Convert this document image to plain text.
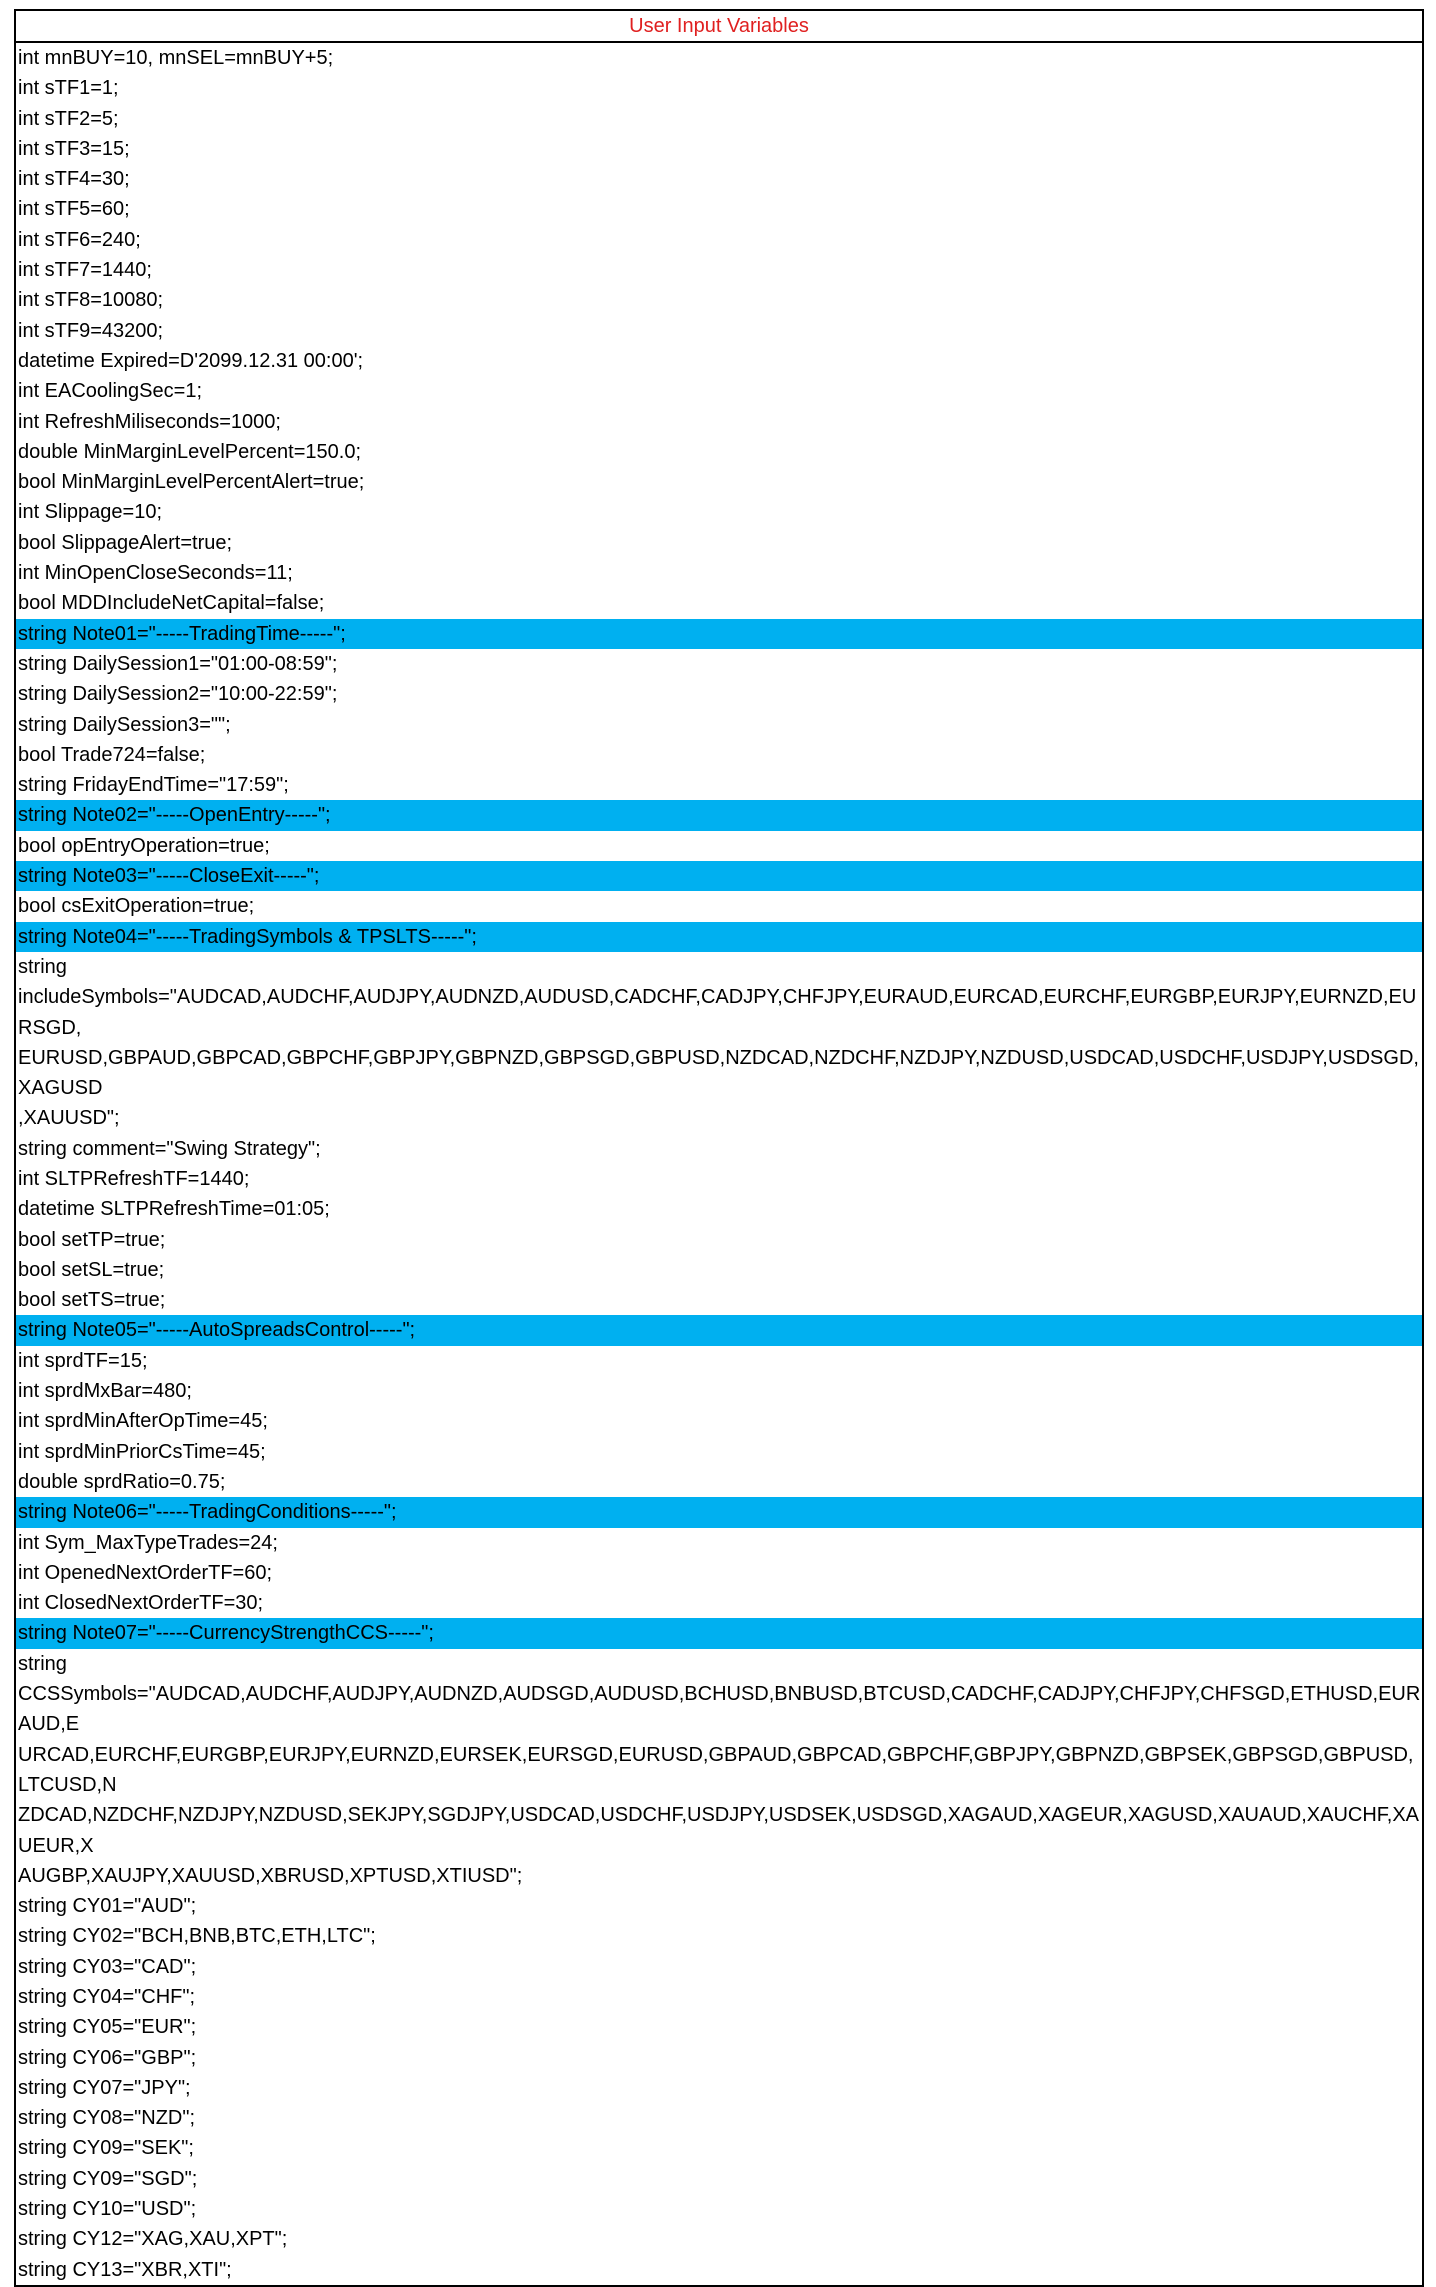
User Input Variables
int mnBUY=10, mnSEL=mnBUY+5;
int sTF1=1;
int sTF2=5;
int sTF3=15;
int sTF4=30;
int sTF5=60;
int sTF6=240;
int sTF7=1440;
int sTF8=10080;
int sTF9=43200;
datetime Expired=D'2099.12.31 00:00';
int EACoolingSec=1;
int RefreshMiliseconds=1000;
double MinMarginLevelPercent=150.0;
bool MinMarginLevelPercentAlert=true;
int Slippage=10;
bool SlippageAlert=true;
int MinOpenCloseSeconds=11;
bool MDDIncludeNetCapital=false;
string Note01="-----TradingTime-----";
string DailySession1="01:00-08:59";
string DailySession2="10:00-22:59";
string DailySession3="";
bool Trade724=false;
string FridayEndTime="17:59";
string Note02="-----OpenEntry-----";
bool opEntryOperation=true;
string Note03="-----CloseExit-----";
bool csExitOperation=true;
string Note04="-----TradingSymbols & TPSLTS-----";
string
includeSymbols="AUDCAD,AUDCHF,AUDJPY,AUDNZD,AUDUSD,CADCHF,CADJPY,CHFJPY,EURAUD,EURCAD,EURCHF,EURGBP,EURJPY,EURNZD,EURSGD,
EURUSD,GBPAUD,GBPCAD,GBPCHF,GBPJPY,GBPNZD,GBPSGD,GBPUSD,NZDCAD,NZDCHF,NZDJPY,NZDUSD,USDCAD,USDCHF,USDJPY,USDSGD,XAGUSD
,XAUUSD";
string comment="Swing Strategy";
int SLTPRefreshTF=1440;
datetime SLTPRefreshTime=01:05;
bool setTP=true;
bool setSL=true;
bool setTS=true;
string Note05="-----AutoSpreadsControl-----";
int sprdTF=15;
int sprdMxBar=480;
int sprdMinAfterOpTime=45;
int sprdMinPriorCsTime=45;
double sprdRatio=0.75;
string Note06="-----TradingConditions-----";
int Sym_MaxTypeTrades=24;
int OpenedNextOrderTF=60;
int ClosedNextOrderTF=30;
string Note07="-----CurrencyStrengthCCS-----";
string
CCSSymbols="AUDCAD,AUDCHF,AUDJPY,AUDNZD,AUDSGD,AUDUSD,BCHUSD,BNBUSD,BTCUSD,CADCHF,CADJPY,CHFJPY,CHFSGD,ETHUSD,EURAUD,E
URCAD,EURCHF,EURGBP,EURJPY,EURNZD,EURSEK,EURSGD,EURUSD,GBPAUD,GBPCAD,GBPCHF,GBPJPY,GBPNZD,GBPSEK,GBPSGD,GBPUSD,LTCUSD,N
ZDCAD,NZDCHF,NZDJPY,NZDUSD,SEKJPY,SGDJPY,USDCAD,USDCHF,USDJPY,USDSEK,USDSGD,XAGAUD,XAGEUR,XAGUSD,XAUAUD,XAUCHF,XAUEUR,X
AUGBP,XAUJPY,XAUUSD,XBRUSD,XPTUSD,XTIUSD";
string CY01="AUD";
string CY02="BCH,BNB,BTC,ETH,LTC";
string CY03="CAD";
string CY04="CHF";
string CY05="EUR";
string CY06="GBP";
string CY07="JPY";
string CY08="NZD";
string CY09="SEK";
string CY09="SGD";
string CY10="USD";
string CY12="XAG,XAU,XPT";
string CY13="XBR,XTI";
